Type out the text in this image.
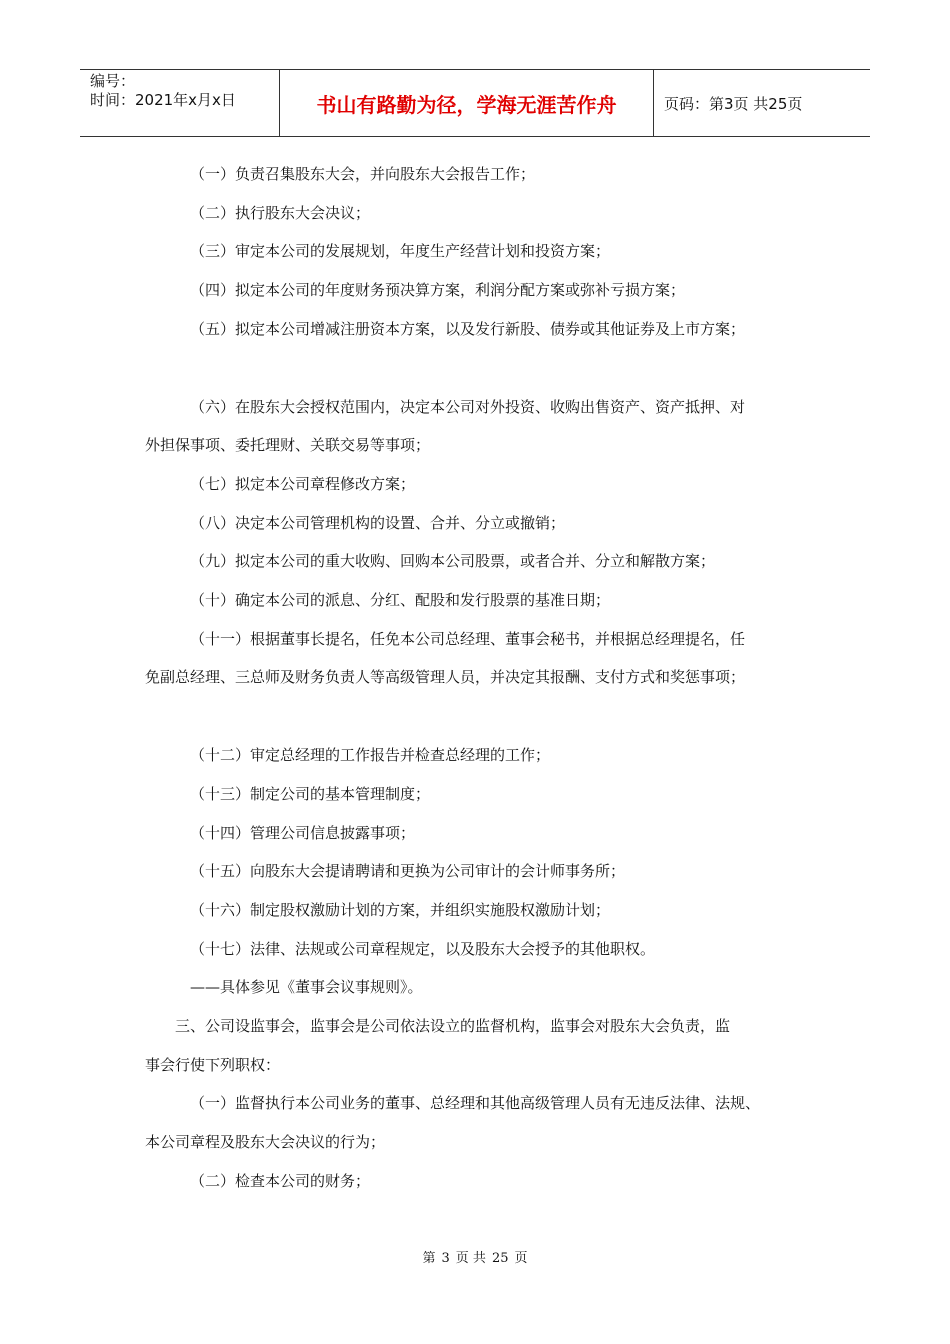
编号：
时间：2021年x月x日	书山有路勤为径，学海无涯苦作舟	页码：第3页 共25页

（一）负责召集股东大会，并向股东大会报告工作；

（二）执行股东大会决议；

（三）审定本公司的发展规划，年度生产经营计划和投资方案；

（四）拟定本公司的年度财务预决算方案，利润分配方案或弥补亏损方案；

（五）拟定本公司增减注册资本方案，以及发行新股、债券或其他证券及上市方案；

（六）在股东大会授权范围内，决定本公司对外投资、收购出售资产、资产抵押、对

外担保事项、委托理财、关联交易等事项；

（七）拟定本公司章程修改方案；

（八）决定本公司管理机构的设置、合并、分立或撤销；

（九）拟定本公司的重大收购、回购本公司股票，或者合并、分立和解散方案；

（十）确定本公司的派息、分红、配股和发行股票的基准日期；

（十一）根据董事长提名，任免本公司总经理、董事会秘书，并根据总经理提名，任

免副总经理、三总师及财务负责人等高级管理人员，并决定其报酬、支付方式和奖惩事项；

（十二）审定总经理的工作报告并检查总经理的工作；

（十三）制定公司的基本管理制度；

（十四）管理公司信息披露事项；

（十五）向股东大会提请聘请和更换为公司审计的会计师事务所；

（十六）制定股权激励计划的方案，并组织实施股权激励计划；

（十七）法律、法规或公司章程规定，以及股东大会授予的其他职权。

——具体参见《董事会议事规则》。

三、公司设监事会，监事会是公司依法设立的监督机构，监事会对股东大会负责，监

事会行使下列职权：

（一）监督执行本公司业务的董事、总经理和其他高级管理人员有无违反法律、法规、

本公司章程及股东大会决议的行为；

（二）检查本公司的财务；

第 3 页 共 25 页
